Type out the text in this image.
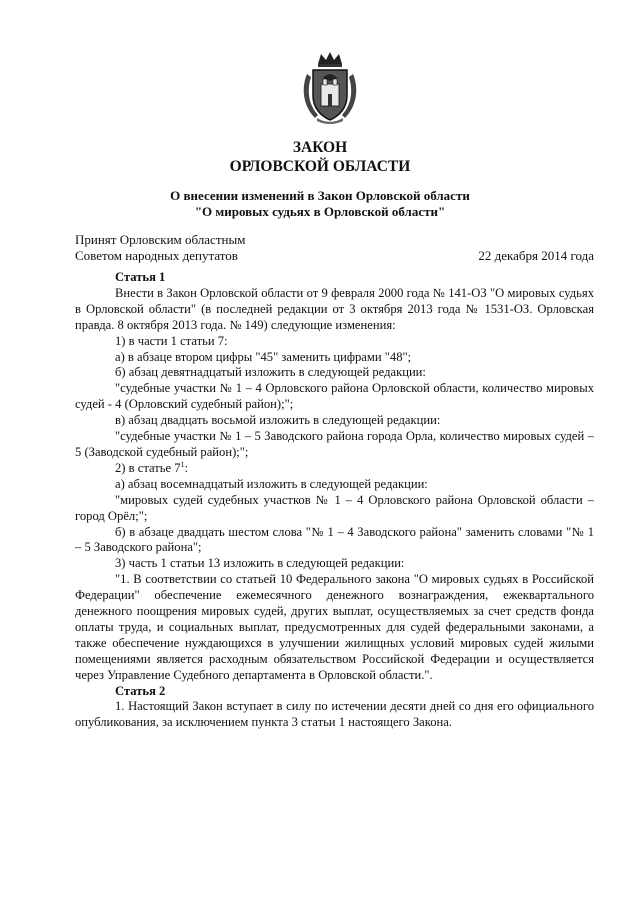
ЗАКОН
ОРЛОВСКОЙ ОБЛАСТИ
О внесении изменений в Закон Орловской области
"О мировых судьях в Орловской области"
Принят Орловским областным
Советом народных депутатов	22 декабря 2014 года

Статья 1

Внести в Закон Орловской области от 9 февраля 2000 года № 141-ОЗ "О мировых судьях в Орловской области" (в последней редакции от 3 октября 2013 года № 1531-ОЗ. Орловская правда. 8 октября 2013 года. № 149) следующие изменения:

1) в части 1 статьи 7:

а) в абзаце втором цифры "45" заменить цифрами "48";

б) абзац девятнадцатый изложить в следующей редакции:

"судебные участки № 1 – 4 Орловского района Орловской области, количество мировых судей - 4 (Орловский судебный район);";

в) абзац двадцать восьмой изложить в следующей редакции:

"судебные участки № 1 – 5 Заводского района города Орла, количество мировых судей – 5 (Заводской судебный район);";

2) в статье $7^1$:

а) абзац восемнадцатый изложить в следующей редакции:

"мировых судей судебных участков № 1 – 4 Орловского района Орловской области – город Орёл;";

б) в абзаце двадцать шестом слова "№ 1 – 4 Заводского района" заменить словами "№ 1 – 5 Заводского района";

3) часть 1 статьи 13 изложить в следующей редакции:

"1. В соответствии со статьей 10 Федерального закона "О мировых судьях в Российской Федерации" обеспечение ежемесячного денежного вознаграждения, ежеквартального денежного поощрения мировых судей, других выплат, осуществляемых за счет средств фонда оплаты труда, и социальных выплат, предусмотренных для судей федеральными законами, а также обеспечение нуждающихся в улучшении жилищных условий мировых судей жилыми помещениями является расходным обязательством Российской Федерации и осуществляется через Управление Судебного департамента в Орловской области.".

Статья 2

1. Настоящий Закон вступает в силу по истечении десяти дней со дня его официального опубликования, за исключением пункта 3 статьи 1 настоящего Закона.
